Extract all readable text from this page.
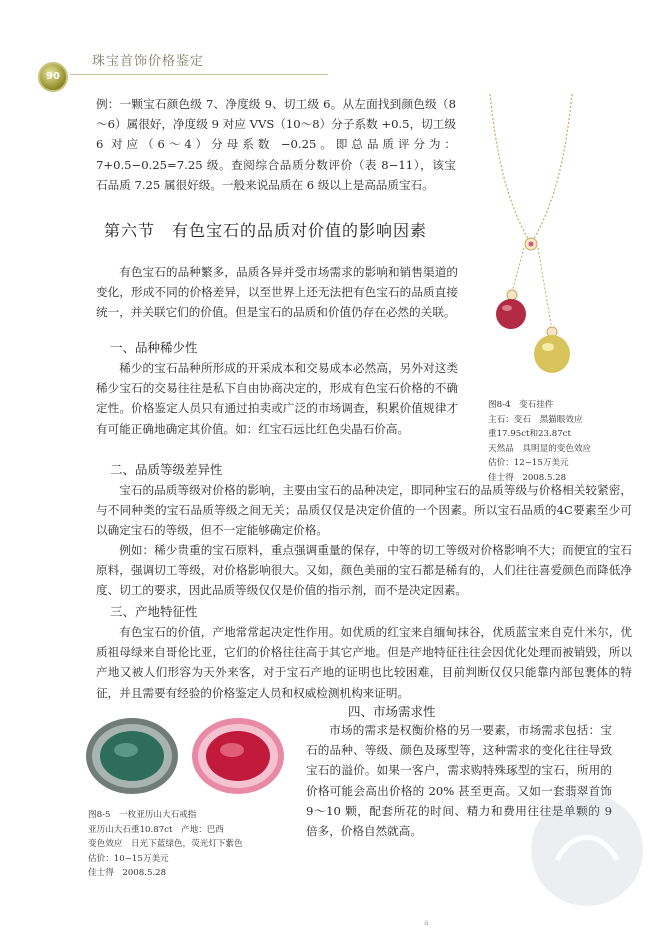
90
珠宝首饰价格鉴定
例：一颗宝石颜色级 7、净度级 9、切工级 6。从左面找到颜色级（8～6）属很好，净度级 9 对应 VVS（10～8）分子系数 +0.5，切工级 6 对应（6～4）分母系数 −0.25。即总品质评分为：7+0.5−0.25=7.25 级。查阅综合品质分数评价（表 8−11），该宝石品质 7.25 属很好级。一般来说品质在 6 级以上是高品质宝石。
图8-4　变石挂件
主石：变石　黑猫眼效应
重17.95ct和23.87ct
天然品　具明显的变色效应
估价：12~15万美元
佳士得　2008.5.28
第六节　有色宝石的品质对价值的影响因素
有色宝石的品种繁多，品质各异并受市场需求的影响和销售渠道的变化，形成不同的价格差异，以至世界上还无法把有色宝石的品质直接统一，并关联它们的价值。但是宝石的品质和价值仍存在必然的关联。
一、品种稀少性
稀少的宝石品种所形成的开采成本和交易成本必然高，另外对这类稀少宝石的交易往往是私下自由协商决定的，形成有色宝石价格的不确定性。价格鉴定人员只有通过拍卖或广泛的市场调查，积累价值规律才有可能正确地确定其价值。如：红宝石远比红色尖晶石价高。
二、品质等级差异性
宝石的品质等级对价格的影响，主要由宝石的品种决定，即同种宝石的品质等级与价格相关较紧密，与不同种类的宝石品质等级之间无关；品质仅仅是决定价值的一个因素。所以宝石品质的4C要素至少可以确定宝石的等级，但不一定能够确定价格。
例如：稀少贵重的宝石原料，重点强调重量的保存，中等的切工等级对价格影响不大；而便宜的宝石原料，强调切工等级，对价格影响很大。又如，颜色美丽的宝石都是稀有的，人们往往喜爱颜色而降低净度、切工的要求，因此品质等级仅仅是价值的指示剂，而不是决定因素。
三、产地特征性
有色宝石的价值，产地常常起决定性作用。如优质的红宝来自缅甸抹谷，优质蓝宝来自克什米尔，优质祖母绿来自哥伦比亚，它们的价格往往高于其它产地。但是产地特征往往会因优化处理而被销毁，所以产地又被人们形容为天外来客，对于宝石产地的证明也比较困难，目前判断仅仅只能靠内部包裹体的特征，并且需要有经验的价格鉴定人员和权威检测机构来证明。
图8-5　一枚亚历山大石戒指
亚历山大石重10.87ct　产地：巴西
变色效应　日光下蓝绿色，荧光灯下紫色
估价：10~15万美元
佳士得　2008.5.28
四、市场需求性
市场的需求是权衡价格的另一要素，市场需求包括：宝石的品种、等级、颜色及琢型等，这种需求的变化往往导致宝石的溢价。如果一客户，需求购特殊琢型的宝石，所用的价格可能会高出价格的 20% 甚至更高。又如一套翡翠首饰 9～10 颗，配套所花的时间、精力和费用往往是单颗的 9 倍多，价格自然就高。
a
